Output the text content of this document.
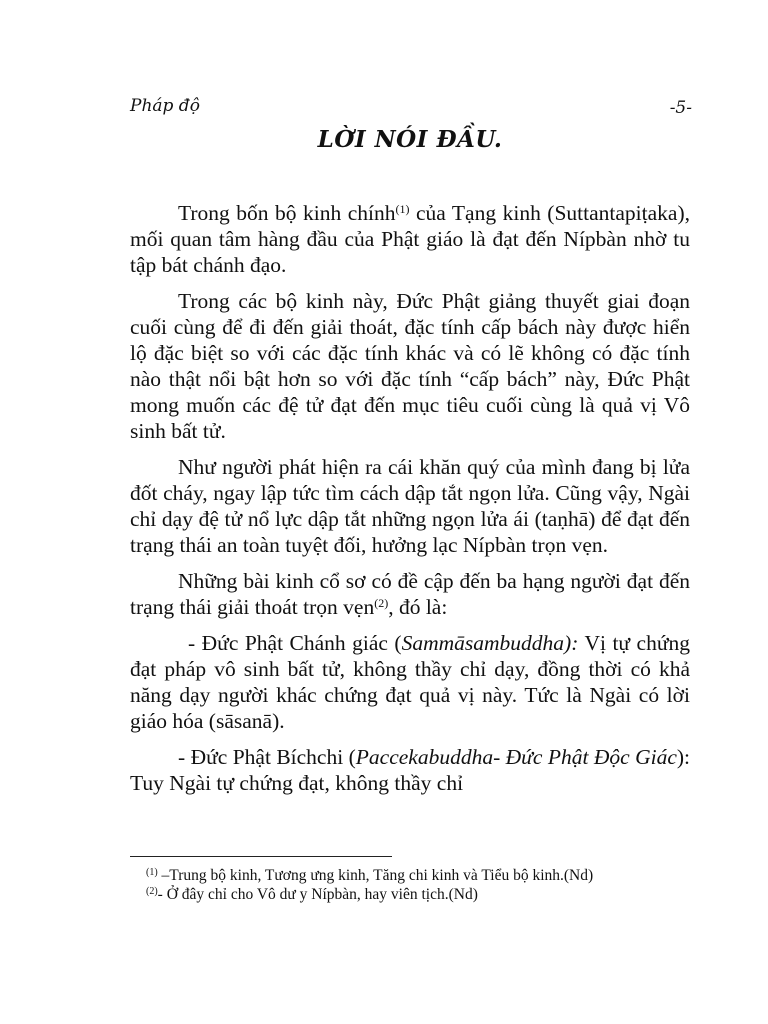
Pháp độ	-5-
LỜI NÓI ĐẦU.

Trong bốn bộ kinh chính$^{(1)}$ của Tạng kinh (Suttantapiṭaka), mối quan tâm hàng đầu của Phật giáo là đạt đến Nípbàn nhờ tu tập bát chánh đạo.

Trong các bộ kinh này, Đức Phật giảng thuyết giai đoạn cuối cùng để đi đến giải thoát, đặc tính cấp bách này được hiển lộ đặc biệt so với các đặc tính khác và có lẽ không có đặc tính nào thật nổi bật hơn so với đặc tính “cấp bách” này, Đức Phật mong muốn các đệ tử đạt đến mục tiêu cuối cùng là quả vị Vô sinh bất tử.

Như người phát hiện ra cái khăn quý của mình đang bị lửa đốt cháy, ngay lập tức tìm cách dập tắt ngọn lửa. Cũng vậy, Ngài chỉ dạy đệ tử nổ lực dập tắt những ngọn lửa ái (taṇhā) để đạt đến trạng thái an toàn tuyệt đối, hưởng lạc Nípbàn trọn vẹn.

Những bài kinh cổ sơ có đề cập đến ba hạng người đạt đến trạng thái giải thoát trọn vẹn$^{(2)}$, đó là:

- Đức Phật Chánh giác (Sammāsambuddha): Vị tự chứng đạt pháp vô sinh bất tử, không thầy chỉ dạy, đồng thời có khả năng dạy người khác chứng đạt quả vị này. Tức là Ngài có lời giáo hóa (sāsanā).

- Đức Phật Bíchchi (Paccekabuddha- Đức Phật Độc Giác): Tuy Ngài tự chứng đạt, không thầy chỉ

$^{(1)}$ –Trung bộ kinh, Tương ưng kinh, Tăng chi kinh và Tiểu bộ kinh.(Nd)

$^{(2)}$- Ở đây chỉ cho Vô dư y Nípbàn, hay viên tịch.(Nd)
